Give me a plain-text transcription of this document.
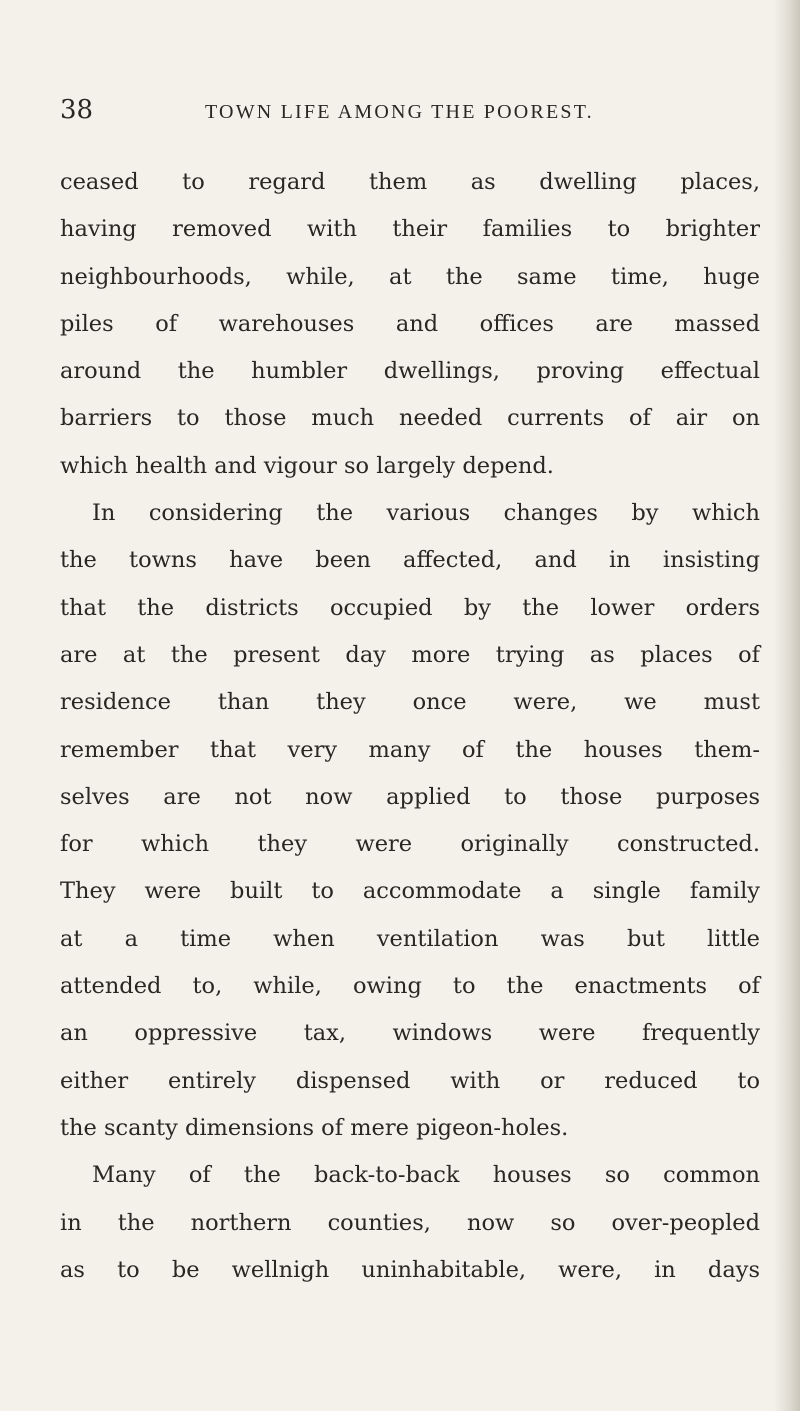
38	TOWN LIFE AMONG THE POOREST.
ceased to regard them as dwelling places,
having removed with their families to brighter
neighbourhoods, while, at the same time, huge
piles of warehouses and offices are massed
around the humbler dwellings, proving effectual
barriers to those much needed currents of air on
which health and vigour so largely depend.
In considering the various changes by which
the towns have been affected, and in insisting
that the districts occupied by the lower orders
are at the present day more trying as places of
residence than they once were, we must
remember that very many of the houses them-
selves are not now applied to those purposes
for which they were originally constructed.
They were built to accommodate a single family
at a time when ventilation was but little
attended to, while, owing to the enactments of
an oppressive tax, windows were frequently
either entirely dispensed with or reduced to
the scanty dimensions of mere pigeon-holes.
Many of the back-to-back houses so common
in the northern counties, now so over-peopled
as to be wellnigh uninhabitable, were, in days
